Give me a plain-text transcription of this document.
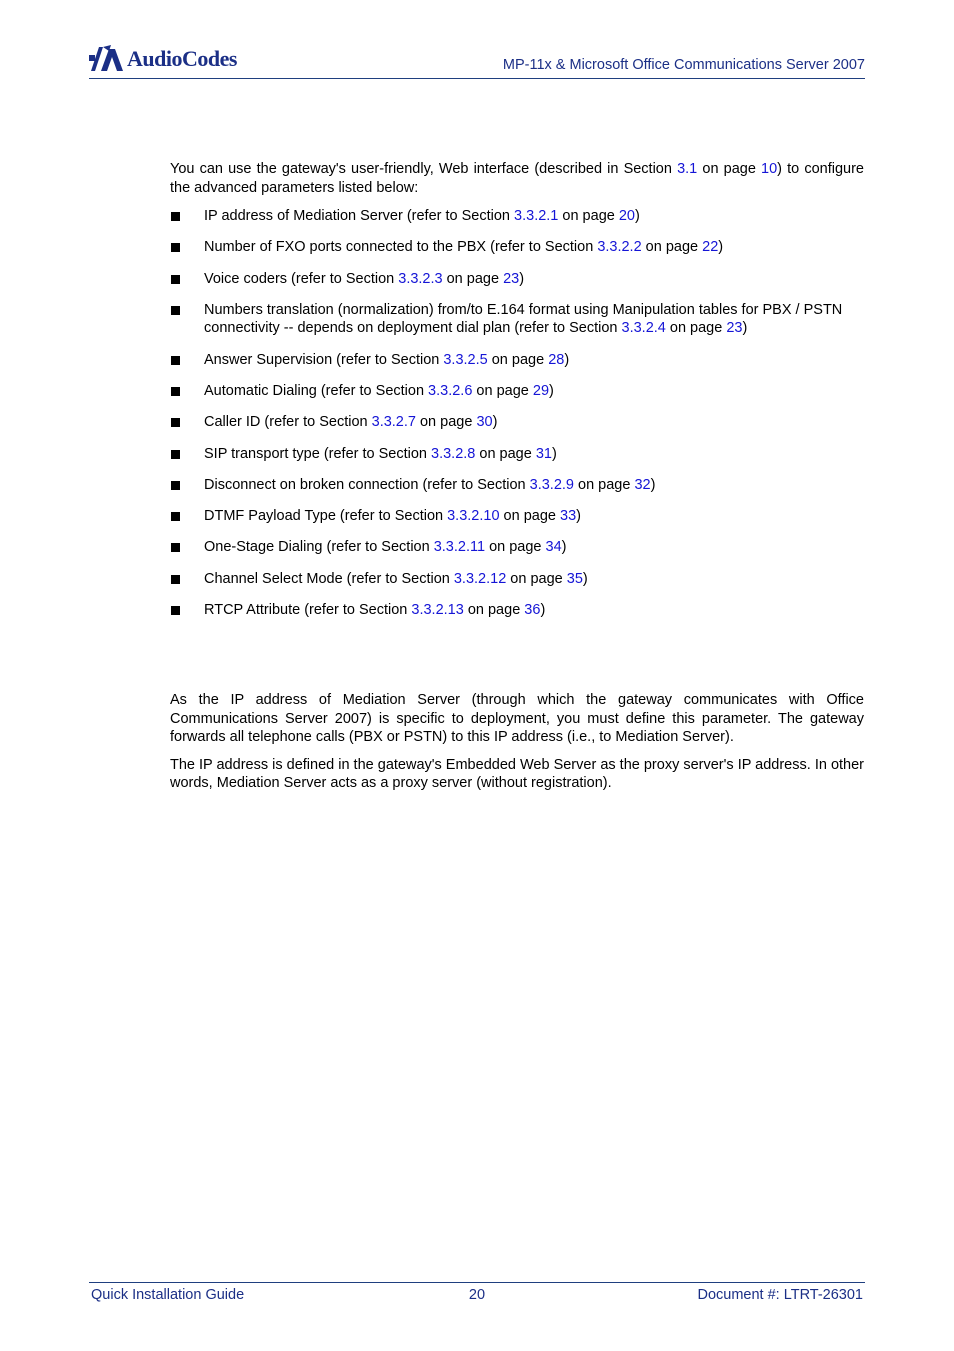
AudioCodes	MP-11x & Microsoft Office Communications Server 2007

You can use the gateway's user-friendly, Web interface (described in Section 3.1 on page 10) to configure the advanced parameters listed below:

IP address of Mediation Server (refer to Section 3.3.2.1 on page 20)
Number of FXO ports connected to the PBX (refer to Section 3.3.2.2 on page 22)
Voice coders (refer to Section 3.3.2.3 on page 23)
Numbers translation (normalization) from/to E.164 format using Manipulation tables for PBX / PSTN connectivity -- depends on deployment dial plan (refer to Section 3.3.2.4 on page 23)
Answer Supervision (refer to Section 3.3.2.5 on page 28)
Automatic Dialing (refer to Section 3.3.2.6 on page 29)
Caller ID (refer to Section 3.3.2.7 on page 30)
SIP transport type (refer to Section 3.3.2.8 on page 31)
Disconnect on broken connection (refer to Section 3.3.2.9 on page 32)
DTMF Payload Type (refer to Section 3.3.2.10 on page 33)
One-Stage Dialing (refer to Section 3.3.2.11 on page 34)
Channel Select Mode (refer to Section 3.3.2.12 on page 35)
RTCP Attribute (refer to Section 3.3.2.13 on page 36)

As the IP address of Mediation Server (through which the gateway communicates with Office Communications Server 2007) is specific to deployment, you must define this parameter. The gateway forwards all telephone calls (PBX or PSTN) to this IP address (i.e., to Mediation Server).

The IP address is defined in the gateway's Embedded Web Server as the proxy server's IP address. In other words, Mediation Server acts as a proxy server (without registration).

Quick Installation Guide	20	Document #: LTRT-26301
